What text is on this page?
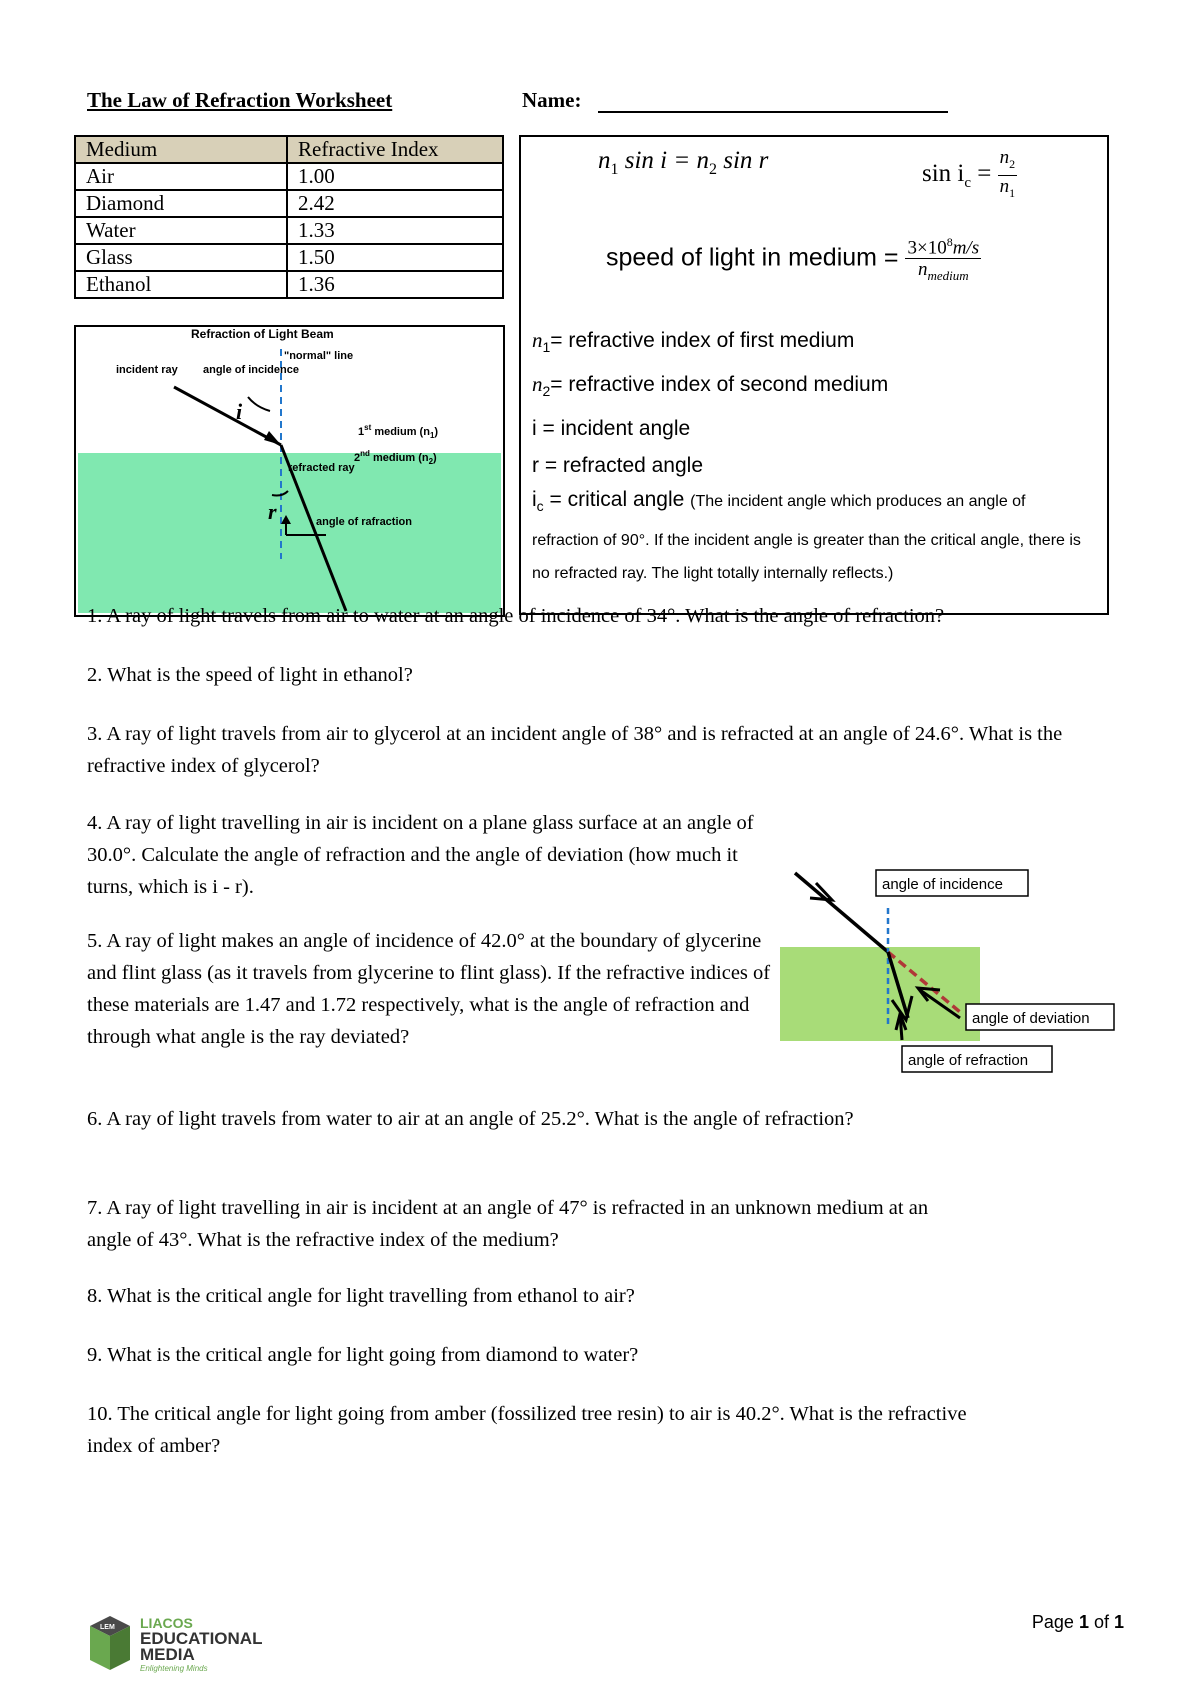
The Law of Refraction Worksheet	Name:
Medium	Refractive Index
Air	1.00
Diamond	2.42
Water	1.33
Glass	1.50
Ethanol	1.36
$n_1$ $\sin i = n_2$ sin r	$\sin i_c = \frac{n_2}{n_1}$
speed of light in medium = $\frac{3\times 10^8m/s}{n_{medium}}$
$n_1=$ refractive index of first medium
$n_2=$ refractive index of second medium
i = incident angle
r = refracted angle
$i_c$ = critical angle (The incident angle which produces an angle of refraction of 90°. If the incident angle is greater than the critical angle, there is no refracted ray. The light totally internally reflects.)
Refraction of Light Beam
"normal" line
incident ray angle of incidence
i
1st medium $(n_1)$
2nd medium $(n_2)$
refracted ray
r	angle of rafraction
1. A ray of light travels from air to water at an angle of incidence of 34°. What is the angle of refraction?
2. What is the speed of light in ethanol?
3. A ray of light travels from air to glycerol at an incident angle of 38° and is refracted at an angle of 24.6°. What is the refractive index of glycerol?
4. A ray of light travelling in air is incident on a plane glass surface at an angle of 30.0°. Calculate the angle of refraction and the angle of deviation (how much it turns, which is i - r).
5. A ray of light makes an angle of incidence of 42.0° at the boundary of glycerine and flint glass (as it travels from glycerine to flint glass). If the refractive indices of these materials are 1.47 and 1.72 respectively, what is the angle of refraction and through what angle is the ray deviated?
6. A ray of light travels from water to air at an angle of 25.2°. What is the angle of refraction?
7. A ray of light travelling in air is incident at an angle of 47° is refracted in an unknown medium at an angle of 43°. What is the refractive index of the medium?
8. What is the critical angle for light travelling from ethanol to air?
9. What is the critical angle for light going from diamond to water?
10. The critical angle for light going from amber (fossilized tree resin) to air is 40.2°. What is the refractive index of amber?
angle of incidence
angle of deviation
angle of refraction
LEM LIACOS
EDUCATIONAL
MEDIA
Enlightening Minds
Page 1 of 1
